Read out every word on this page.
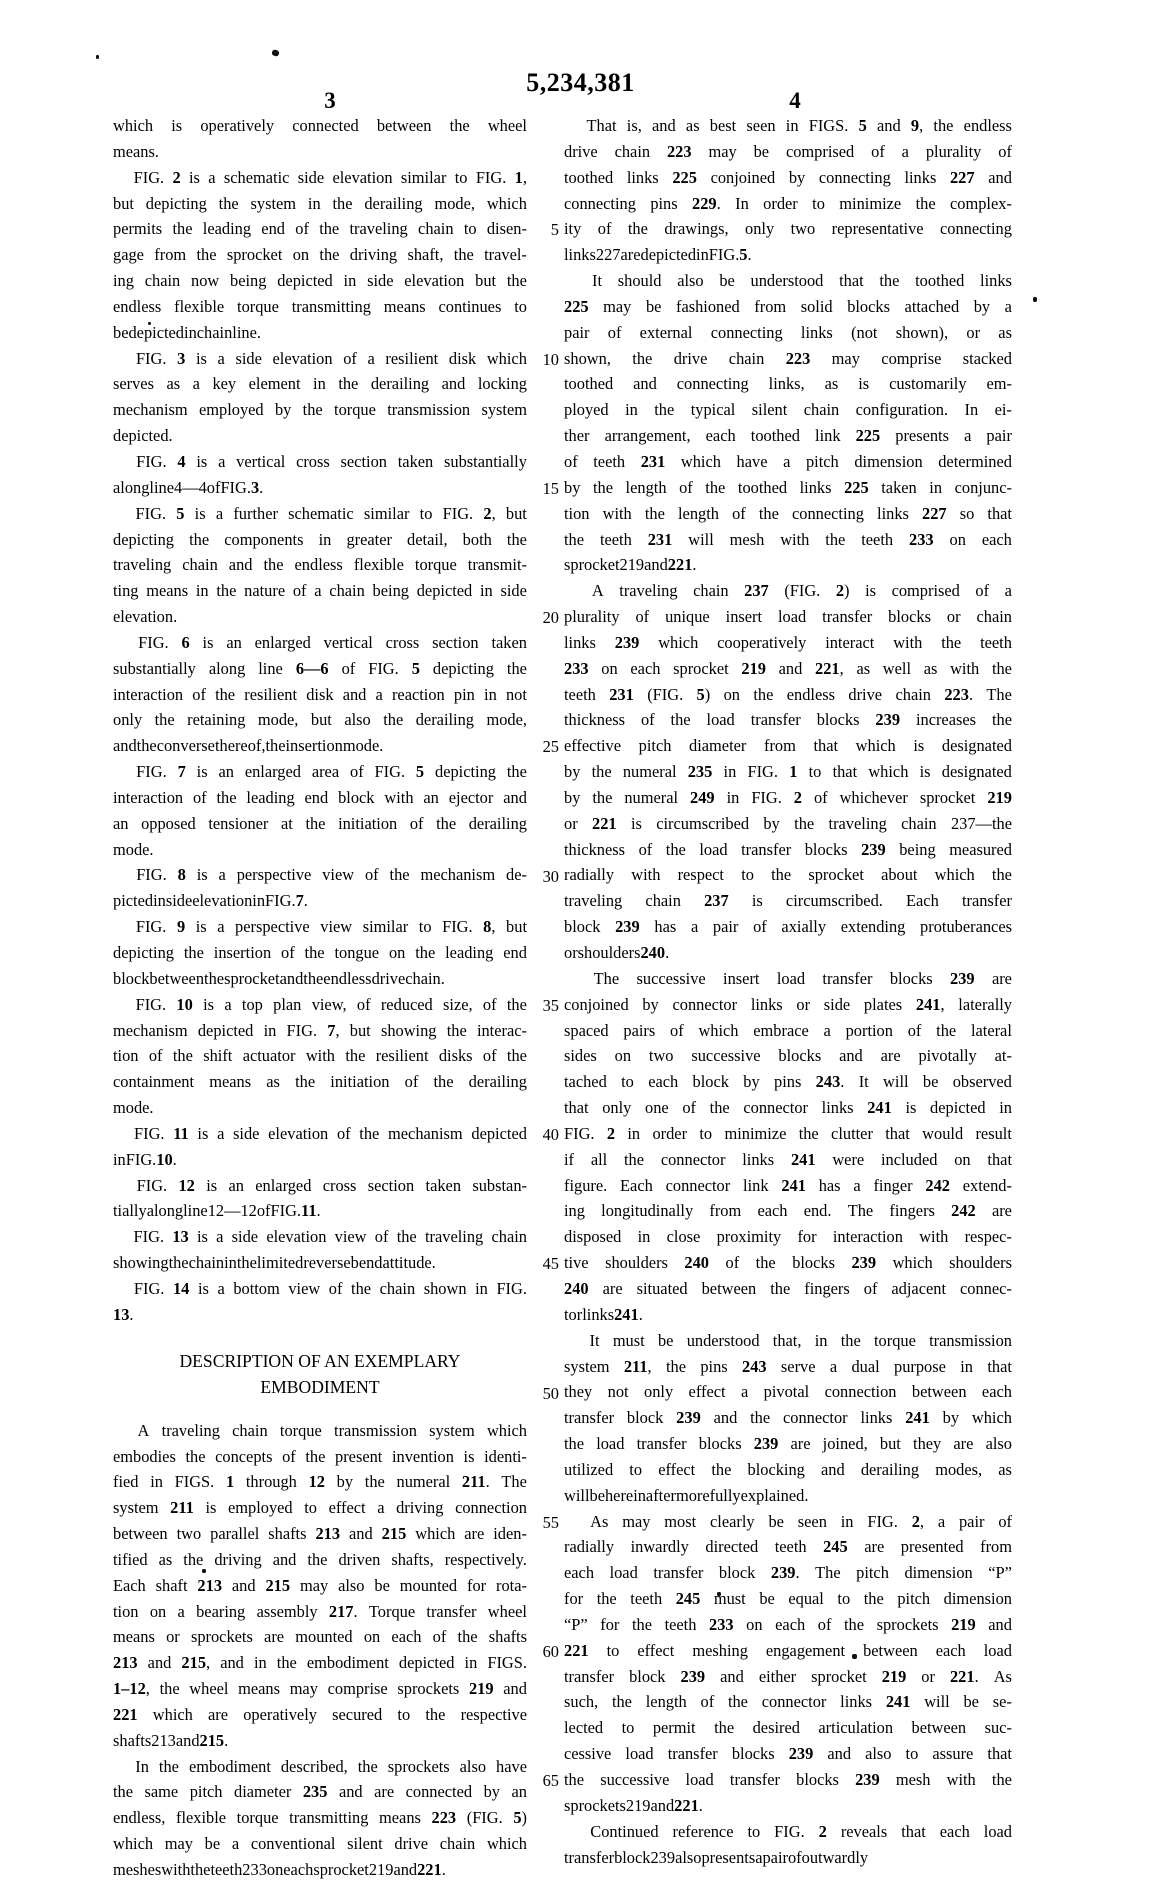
5,234,381
3	4

which is operatively connected between the wheel
means.

FIG. 2 is a schematic side elevation similar to FIG. 1,
but depicting the system in the derailing mode, which
permits the leading end of the traveling chain to disen-
gage from the sprocket on the driving shaft, the travel-
ing chain now being depicted in side elevation but the
endless flexible torque transmitting means continues to
be depicted in chain line.

FIG. 3 is a side elevation of a resilient disk which
serves as a key element in the derailing and locking
mechanism employed by the torque transmission system
depicted.

FIG. 4 is a vertical cross section taken substantially
along line 4—4 of FIG. 3.

FIG. 5 is a further schematic similar to FIG. 2, but
depicting the components in greater detail, both the
traveling chain and the endless flexible torque transmit-
ting means in the nature of a chain being depicted in side
elevation.

FIG. 6 is an enlarged vertical cross section taken
substantially along line 6—6 of FIG. 5 depicting the
interaction of the resilient disk and a reaction pin in not
only the retaining mode, but also the derailing mode,
and the converse thereof, the insertion mode.

FIG. 7 is an enlarged area of FIG. 5 depicting the
interaction of the leading end block with an ejector and
an opposed tensioner at the initiation of the derailing
mode.

FIG. 8 is a perspective view of the mechanism de-
picted in side elevation in FIG. 7.

FIG. 9 is a perspective view similar to FIG. 8, but
depicting the insertion of the tongue on the leading end
block between the sprocket and the endless drive chain.

FIG. 10 is a top plan view, of reduced size, of the
mechanism depicted in FIG. 7, but showing the interac-
tion of the shift actuator with the resilient disks of the
containment means as the initiation of the derailing
mode.

FIG. 11 is a side elevation of the mechanism depicted
in FIG. 10.

FIG. 12 is an enlarged cross section taken substan-
tially along line 12—12 of FIG. 11.

FIG. 13 is a side elevation view of the traveling chain
showing the chain in the limited reverse bend attitude.

FIG. 14 is a bottom view of the chain shown in FIG.
13.

DESCRIPTION OF AN EXEMPLARY
EMBODIMENT

A traveling chain torque transmission system which
embodies the concepts of the present invention is identi-
fied in FIGS. 1 through 12 by the numeral 211. The
system 211 is employed to effect a driving connection
between two parallel shafts 213 and 215 which are iden-
tified as the driving and the driven shafts, respectively.
Each shaft 213 and 215 may also be mounted for rota-
tion on a bearing assembly 217. Torque transfer wheel
means or sprockets are mounted on each of the shafts
213 and 215, and in the embodiment depicted in FIGS.
1–12, the wheel means may comprise sprockets 219 and
221 which are operatively secured to the respective
shafts 213 and 215.

In the embodiment described, the sprockets also have
the same pitch diameter 235 and are connected by an
endless, flexible torque transmitting means 223 (FIG. 5)
which may be a conventional silent drive chain which
meshes with the teeth 233 on each sprocket 219 and 221.

That is, and as best seen in FIGS. 5 and 9, the endless
drive chain 223 may be comprised of a plurality of
toothed links 225 conjoined by connecting links 227 and
connecting pins 229. In order to minimize the complex-
ity of the drawings, only two representative connecting
links 227 are depicted in FIG. 5.

It should also be understood that the toothed links
225 may be fashioned from solid blocks attached by a
pair of external connecting links (not shown), or as
shown, the drive chain 223 may comprise stacked
toothed and connecting links, as is customarily em-
ployed in the typical silent chain configuration. In ei-
ther arrangement, each toothed link 225 presents a pair
of teeth 231 which have a pitch dimension determined
by the length of the toothed links 225 taken in conjunc-
tion with the length of the connecting links 227 so that
the teeth 231 will mesh with the teeth 233 on each
sprocket 219 and 221.

A traveling chain 237 (FIG. 2) is comprised of a
plurality of unique insert load transfer blocks or chain
links 239 which cooperatively interact with the teeth
233 on each sprocket 219 and 221, as well as with the
teeth 231 (FIG. 5) on the endless drive chain 223. The
thickness of the load transfer blocks 239 increases the
effective pitch diameter from that which is designated
by the numeral 235 in FIG. 1 to that which is designated
by the numeral 249 in FIG. 2 of whichever sprocket 219
or 221 is circumscribed by the traveling chain 237—the
thickness of the load transfer blocks 239 being measured
radially with respect to the sprocket about which the
traveling chain 237 is circumscribed. Each transfer
block 239 has a pair of axially extending protuberances
or shoulders 240.

The successive insert load transfer blocks 239 are
conjoined by connector links or side plates 241, laterally
spaced pairs of which embrace a portion of the lateral
sides on two successive blocks and are pivotally at-
tached to each block by pins 243. It will be observed
that only one of the connector links 241 is depicted in
FIG. 2 in order to minimize the clutter that would result
if all the connector links 241 were included on that
figure. Each connector link 241 has a finger 242 extend-
ing longitudinally from each end. The fingers 242 are
disposed in close proximity for interaction with respec-
tive shoulders 240 of the blocks 239 which shoulders
240 are situated between the fingers of adjacent connec-
tor links 241.

It must be understood that, in the torque transmission
system 211, the pins 243 serve a dual purpose in that
they not only effect a pivotal connection between each
transfer block 239 and the connector links 241 by which
the load transfer blocks 239 are joined, but they are also
utilized to effect the blocking and derailing modes, as
will be hereinafter more fully explained.

As may most clearly be seen in FIG. 2, a pair of
radially inwardly directed teeth 245 are presented from
each load transfer block 239. The pitch dimension “P”
for the teeth 245 must be equal to the pitch dimension
“P” for the teeth 233 on each of the sprockets 219 and
221 to effect meshing engagement between each load
transfer block 239 and either sprocket 219 or 221. As
such, the length of the connector links 241 will be se-
lected to permit the desired articulation between suc-
cessive load transfer blocks 239 and also to assure that
the successive load transfer blocks 239 mesh with the
sprockets 219 and 221.

Continued reference to FIG. 2 reveals that each load
transfer block 239 also presents a pair of outwardly

5
10
15
20
25
30
35
40
45
50
55
60
65
